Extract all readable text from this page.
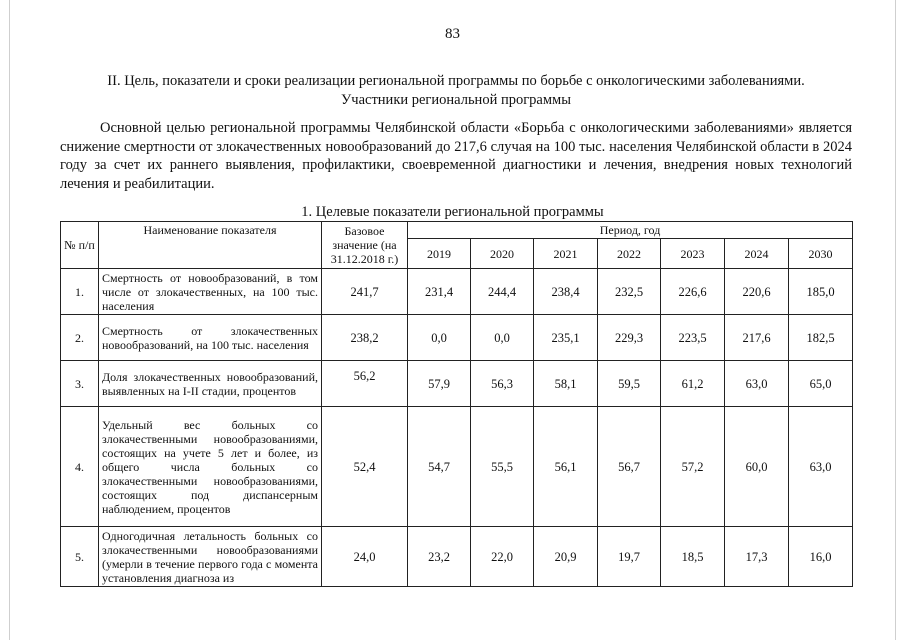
83
II. Цель, показатели и сроки реализации региональной программы по борьбе с онкологическими заболеваниями.
Участники региональной программы
Основной целью региональной программы Челябинской области «Борьба с онкологическими заболеваниями» является снижение смертности от злокачественных новообразований до 217,6 случая на 100 тыс. населения Челябинской области в 2024 году за счет их раннего выявления, профилактики, своевременной диагностики и лечения, внедрения новых технологий лечения и реабилитации.
1. Целевые показатели региональной программы
№ п/п	Наименование показателя	Базовое значение (на 31.12.2018 г.)	Период, год						
			2019	2020	2021	2022	2023	2024	2030
1.	Смертность от новообразований, в том числе от злокачественных, на 100 тыс. населения	241,7	231,4	244,4	238,4	232,5	226,6	220,6	185,0
2.	Смертность от злокачественных новообразований, на 100 тыс. населения	238,2	0,0	0,0	235,1	229,3	223,5	217,6	182,5
3.	Доля злокачественных новообразований, выявленных на I-II стадии, процентов	56,2	57,9	56,3	58,1	59,5	61,2	63,0	65,0
4.	Удельный вес больных со злокачественными новообразованиями, состоящих на учете 5 лет и более, из общего числа больных со злокачественными новообразованиями, состоящих под диспансерным наблюдением, процентов	52,4	54,7	55,5	56,1	56,7	57,2	60,0	63,0
5.	Одногодичная летальность больных со злокачественными новообразованиями (умерли в течение первого года с момента установления диагноза из	24,0	23,2	22,0	20,9	19,7	18,5	17,3	16,0
